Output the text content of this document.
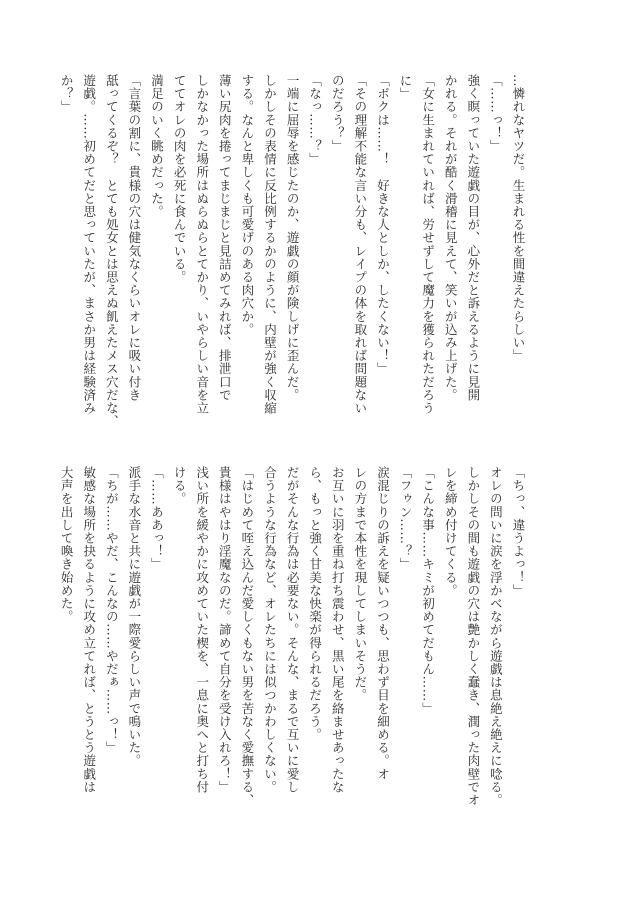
…憐れなヤツだ。生まれる性を間違えたらしい」
「……っ！」
強く瞑っていた遊戯の目が、心外だと訴えるように見開
かれる。それが酷く滑稽に見えて、笑いが込み上げた。
「女に生まれていれば、労せずして魔力を獲られただろう
に」
「ボクは……！　好きな人としか、したくない！」
「その理解不能な言い分も、レイプの体を取れば問題ない
のだろう？」
「なっ……？」
一端に屈辱を感じたのか、遊戯の顔が険しげに歪んだ。
しかしその表情に反比例するかのように、内壁が強く収縮
する。なんと卑しくも可愛げのある肉穴か。
薄い尻肉を捲ってまじまじと見詰めてみれば、排泄口で
しかなかった場所はぬらぬらとてかり、いやらしい音を立
ててオレの肉を必死に食んでいる。
満足のいく眺めだった。
「言葉の割に、貴様の穴は健気なくらいオレに吸い付き
舐ってくるぞ？　とても処女とは思えぬ飢えたメス穴だな、
遊戯。……初めてだと思っていたが、まさか男は経験済み
か？」
「ちっ、違うよっ！」
オレの問いに涙を浮かべながら遊戯は息絶え絶えに唸る。
しかしその間も遊戯の穴は艶かしく蠢き、潤った肉壁でオ
レを締め付けてくる。
「こんな事……キミが初めてだもん……」
「フゥン……？」
涙混じりの訴えを疑いつつも、思わず目を細める。オ
レの方まで本性を現してしまいそうだ。
お互いに羽を重ね打ち震わせ、黒い尾を絡ませあったな
ら、もっと強く甘美な快楽が得られるだろう。
だがそんな行為は必要ない。そんな、まるで互いに愛し
合うような行為など、オレたちには似つかわしくない。
「はじめて咥え込んだ愛しくもない男を苦なく愛撫する、
貴様はやはり淫魔なのだ。諦めて自分を受け入れろ！」
浅い所を緩やかに攻めていた楔を、一息に奥へと打ち付
ける。
「……ああっ！」
派手な水音と共に遊戯が一際愛らしい声で鳴いた。
「ちが……やだ、こんなの……やだぁ……っ！」
敏感な場所を抉るように攻め立てれば、とうとう遊戯は
大声を出して喚き始めた。
